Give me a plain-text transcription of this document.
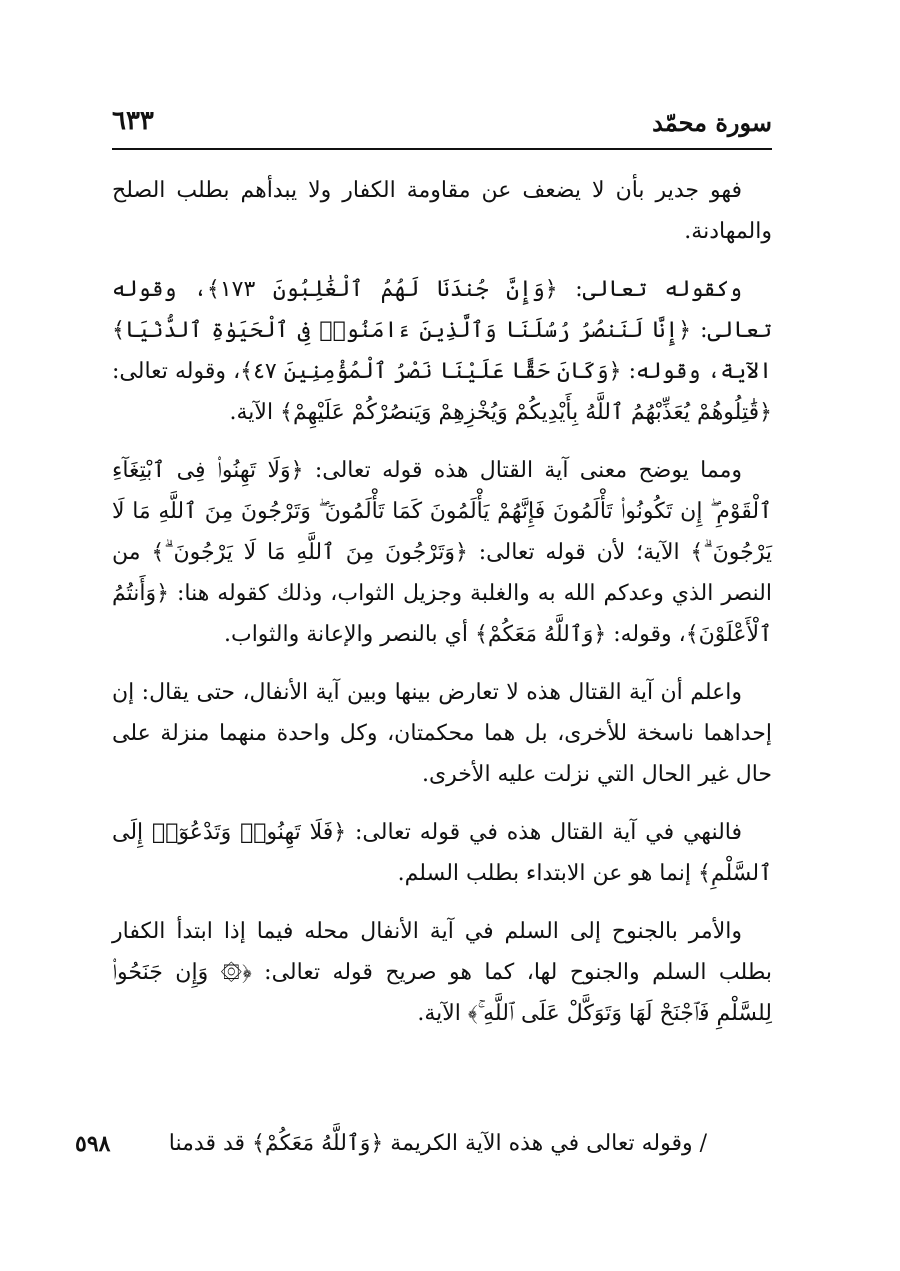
سورة محمّد
٦٣٣

فهو جدير بأن لا يضعف عن مقاومة الكفار ولا يبدأهم بطلب الصلح والمهادنة.

وكقوله تعالى: ﴿وَإِنَّ جُندَنَا لَهُمُ ٱلْغَٰلِبُونَ ١٧٣﴾، وقوله تعالى: ﴿إِنَّا لَنَنصُرُ رُسُلَنَا وَٱلَّذِينَ ءَامَنُوا۟ فِى ٱلْحَيَوٰةِ ٱلدُّنْيَا﴾ الآية، وقوله: ﴿وَكَانَ حَقًّا عَلَيْنَا نَصْرُ ٱلْمُؤْمِنِينَ ٤٧﴾، وقوله تعالى: ﴿قَٰتِلُوهُمْ يُعَذِّبْهُمُ ٱللَّهُ بِأَيْدِيكُمْ وَيُخْزِهِمْ وَيَنصُرْكُمْ عَلَيْهِمْ﴾ الآية.

ومما يوضح معنى آية القتال هذه قوله تعالى: ﴿وَلَا تَهِنُوا۟ فِى ٱبْتِغَآءِ ٱلْقَوْمِ ۖ إِن تَكُونُوا۟ تَأْلَمُونَ فَإِنَّهُمْ يَأْلَمُونَ كَمَا تَأْلَمُونَ ۖ وَتَرْجُونَ مِنَ ٱللَّهِ مَا لَا يَرْجُونَ ۗ﴾ الآية؛ لأن قوله تعالى: ﴿وَتَرْجُونَ مِنَ ٱللَّهِ مَا لَا يَرْجُونَ ۗ﴾ من النصر الذي وعدكم الله به والغلبة وجزيل الثواب، وذلك كقوله هنا: ﴿وَأَنتُمُ ٱلْأَعْلَوْنَ﴾، وقوله: ﴿وَٱللَّهُ مَعَكُمْ﴾ أي بالنصر والإعانة والثواب.

واعلم أن آية القتال هذه لا تعارض بينها وبين آية الأنفال، حتى يقال: إن إحداهما ناسخة للأخرى، بل هما محكمتان، وكل واحدة منهما منزلة على حال غير الحال التي نزلت عليه الأخرى.

فالنهي في آية القتال هذه في قوله تعالى: ﴿فَلَا تَهِنُوا۟ وَتَدْعُوٓا۟ إِلَى ٱلسَّلْمِ﴾ إنما هو عن الابتداء بطلب السلم.

والأمر بالجنوح إلى السلم في آية الأنفال محله فيما إذا ابتدأ الكفار بطلب السلم والجنوح لها، كما هو صريح قوله تعالى: ﴿۞ وَإِن جَنَحُوا۟ لِلسَّلْمِ فَٱجْنَحْ لَهَا وَتَوَكَّلْ عَلَى ٱللَّهِ ۚ﴾ الآية.

٥٩٨	/ وقوله تعالى في هذه الآية الكريمة ﴿وَٱللَّهُ مَعَكُمْ﴾ قد قدمنا
